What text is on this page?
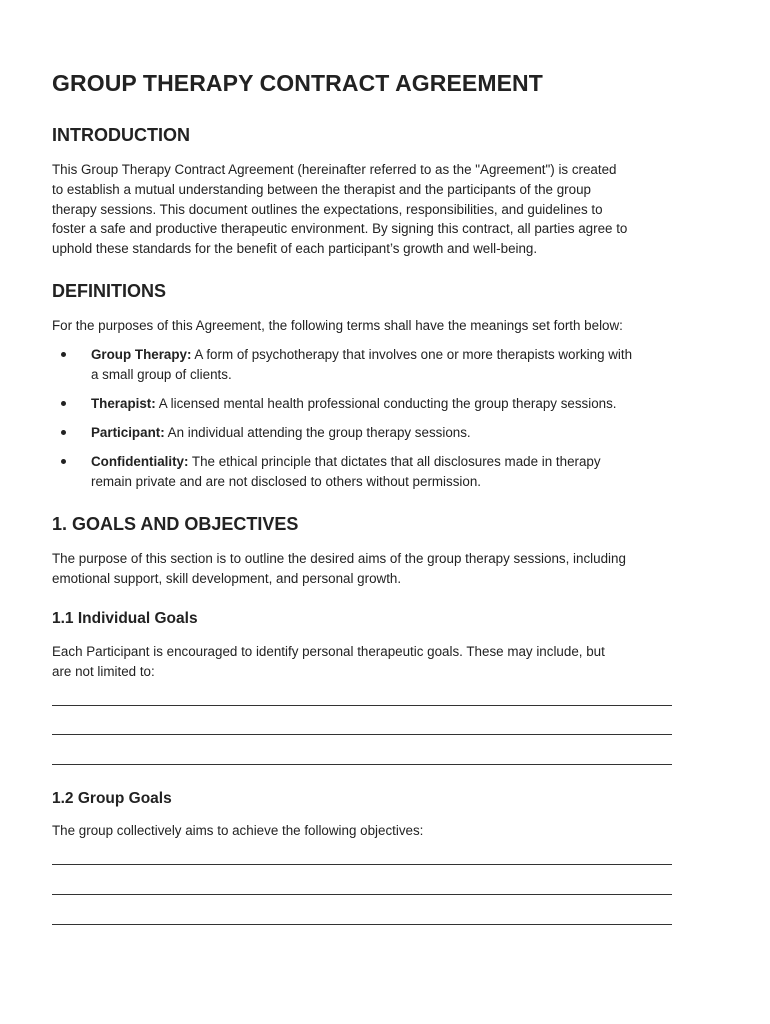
GROUP THERAPY CONTRACT AGREEMENT
INTRODUCTION

This Group Therapy Contract Agreement (hereinafter referred to as the "Agreement") is created
to establish a mutual understanding between the therapist and the participants of the group
therapy sessions. This document outlines the expectations, responsibilities, and guidelines to
foster a safe and productive therapeutic environment. By signing this contract, all parties agree to
uphold these standards for the benefit of each participant’s growth and well-being.

DEFINITIONS

For the purposes of this Agreement, the following terms shall have the meanings set forth below:

Group Therapy: A form of psychotherapy that involves one or more therapists working with
a small group of clients.
Therapist: A licensed mental health professional conducting the group therapy sessions.
Participant: An individual attending the group therapy sessions.
Confidentiality: The ethical principle that dictates that all disclosures made in therapy
remain private and are not disclosed to others without permission.
1. GOALS AND OBJECTIVES

The purpose of this section is to outline the desired aims of the group therapy sessions, including
emotional support, skill development, and personal growth.

1.1 Individual Goals

Each Participant is encouraged to identify personal therapeutic goals. These may include, but
are not limited to:

1.2 Group Goals

The group collectively aims to achieve the following objectives:
